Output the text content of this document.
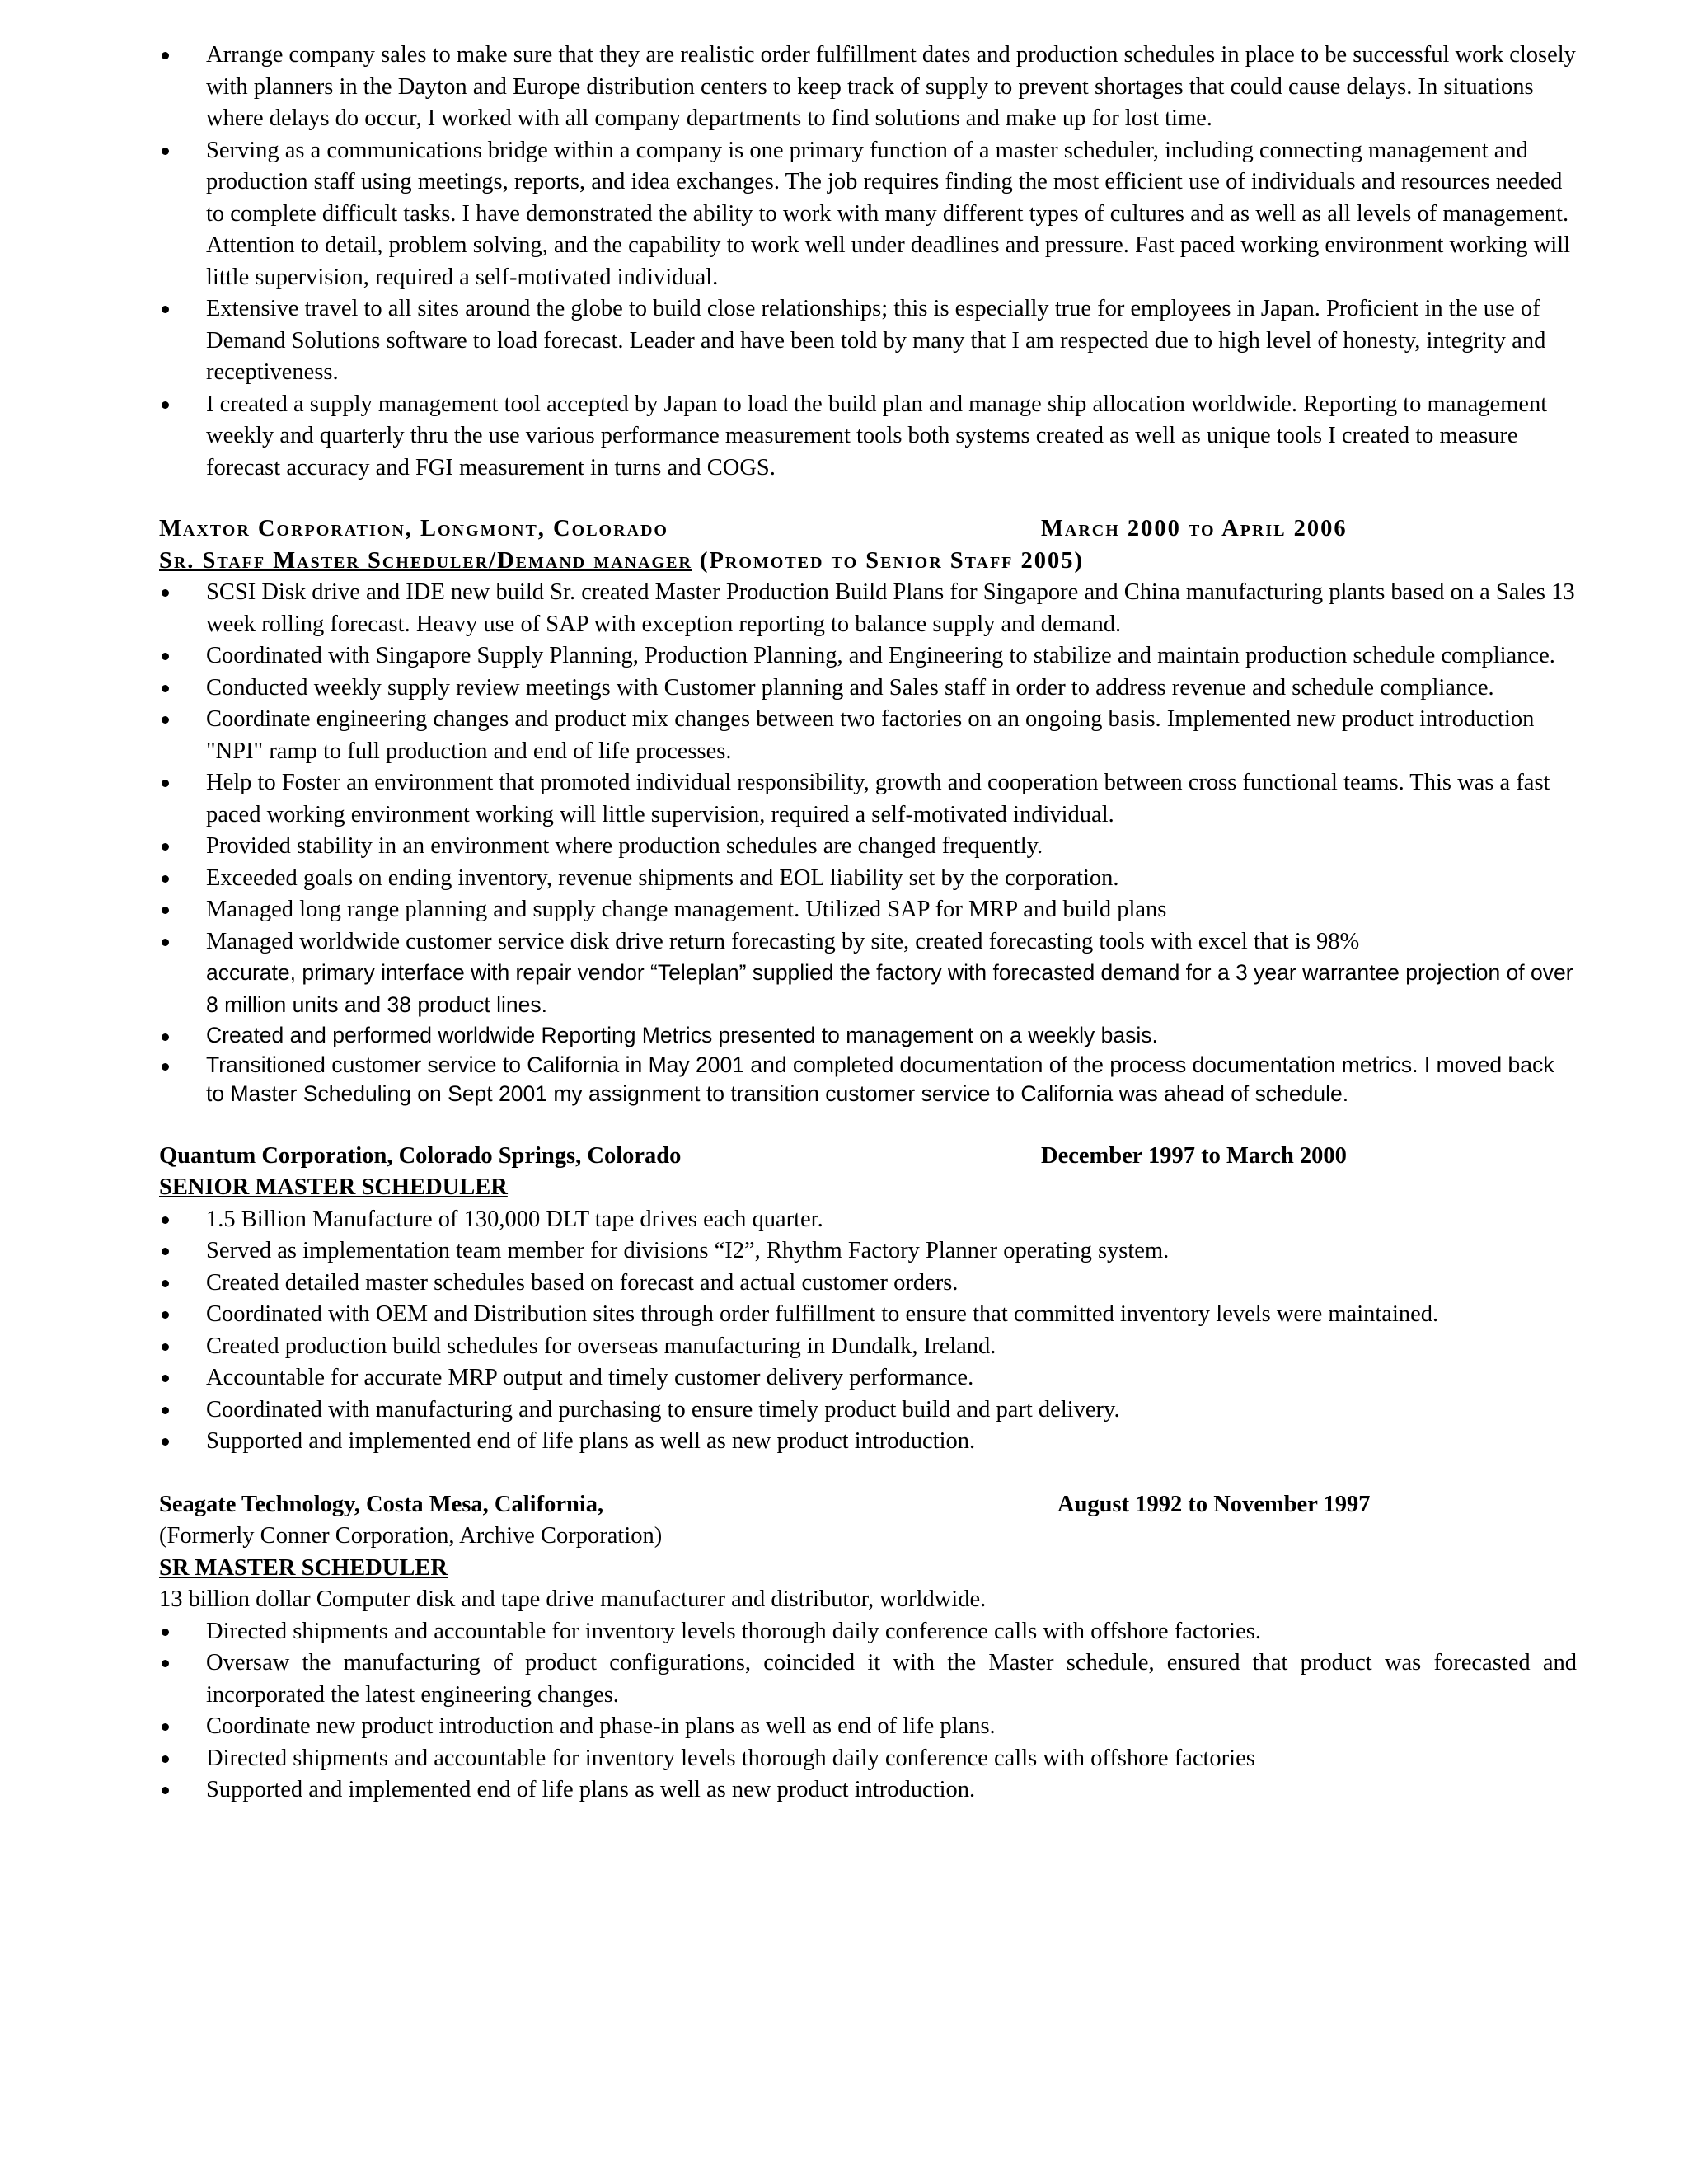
Arrange company sales to make sure that they are realistic order fulfillment dates and production schedules in place to be successful work closely with planners in the Dayton and Europe distribution centers to keep track of supply to prevent shortages that could cause delays. In situations where delays do occur, I worked with all company departments to find solutions and make up for lost time.
Serving as a communications bridge within a company is one primary function of a master scheduler, including connecting management and production staff using meetings, reports, and idea exchanges. The job requires finding the most efficient use of individuals and resources needed to complete difficult tasks. I have demonstrated the ability to work with many different types of cultures and as well as all levels of management. Attention to detail, problem solving, and the capability to work well under deadlines and pressure. Fast paced working environment working will little supervision, required a self-motivated individual.
Extensive travel to all sites around the globe to build close relationships; this is especially true for employees in Japan. Proficient in the use of Demand Solutions software to load forecast. Leader and have been told by many that I am respected due to high level of honesty, integrity and receptiveness.
I created a supply management tool accepted by Japan to load the build plan and manage ship allocation worldwide. Reporting to management weekly and quarterly thru the use various performance measurement tools both systems created as well as unique tools I created to measure forecast accuracy and FGI measurement in turns and COGS.
Maxtor Corporation, Longmont, Colorado	March 2000 to April 2006
Sr. Staff Master Scheduler/Demand manager (Promoted to Senior Staff 2005)
SCSI Disk drive and IDE new build Sr. created Master Production Build Plans for Singapore and China manufacturing plants based on a Sales 13 week rolling forecast. Heavy use of SAP with exception reporting to balance supply and demand.
Coordinated with Singapore Supply Planning, Production Planning, and Engineering to stabilize and maintain production schedule compliance.
Conducted weekly supply review meetings with Customer planning and Sales staff in order to address revenue and schedule compliance.
Coordinate engineering changes and product mix changes between two factories on an ongoing basis. Implemented new product introduction "NPI" ramp to full production and end of life processes.
Help to Foster an environment that promoted individual responsibility, growth and cooperation between cross functional teams. This was a fast paced working environment working will little supervision, required a self-motivated individual.
Provided stability in an environment where production schedules are changed frequently.
Exceeded goals on ending inventory, revenue shipments and EOL liability set by the corporation.
Managed long range planning and supply change management. Utilized SAP for MRP and build plans
Managed worldwide customer service disk drive return forecasting by site, created forecasting tools with excel that is 98%
accurate, primary interface with repair vendor “Teleplan” supplied the factory with forecasted demand for a 3 year warrantee projection of over 8 million units and 38 product lines.
Created and performed worldwide Reporting Metrics presented to management on a weekly basis.
Transitioned customer service to California in May 2001 and completed documentation of the process documentation metrics. I moved back to Master Scheduling on Sept 2001 my assignment to transition customer service to California was ahead of schedule.
Quantum Corporation, Colorado Springs, Colorado	December 1997 to March 2000
SENIOR MASTER SCHEDULER
1.5 Billion Manufacture of 130,000 DLT tape drives each quarter.
Served as implementation team member for divisions “I2”, Rhythm Factory Planner operating system.
Created detailed master schedules based on forecast and actual customer orders.
Coordinated with OEM and Distribution sites through order fulfillment to ensure that committed inventory levels were maintained.
Created production build schedules for overseas manufacturing in Dundalk, Ireland.
Accountable for accurate MRP output and timely customer delivery performance.
Coordinated with manufacturing and purchasing to ensure timely product build and part delivery.
Supported and implemented end of life plans as well as new product introduction.
Seagate Technology, Costa Mesa, California,	August 1992 to November 1997
(Formerly Conner Corporation, Archive Corporation)
SR MASTER SCHEDULER
13 billion dollar Computer disk and tape drive manufacturer and distributor, worldwide.
Directed shipments and accountable for inventory levels thorough daily conference calls with offshore factories.
Oversaw the manufacturing of product configurations, coincided it with the Master schedule, ensured that product was forecasted and incorporated the latest engineering changes.
Coordinate new product introduction and phase-in plans as well as end of life plans.
Directed shipments and accountable for inventory levels thorough daily conference calls with offshore factories
Supported and implemented end of life plans as well as new product introduction.
